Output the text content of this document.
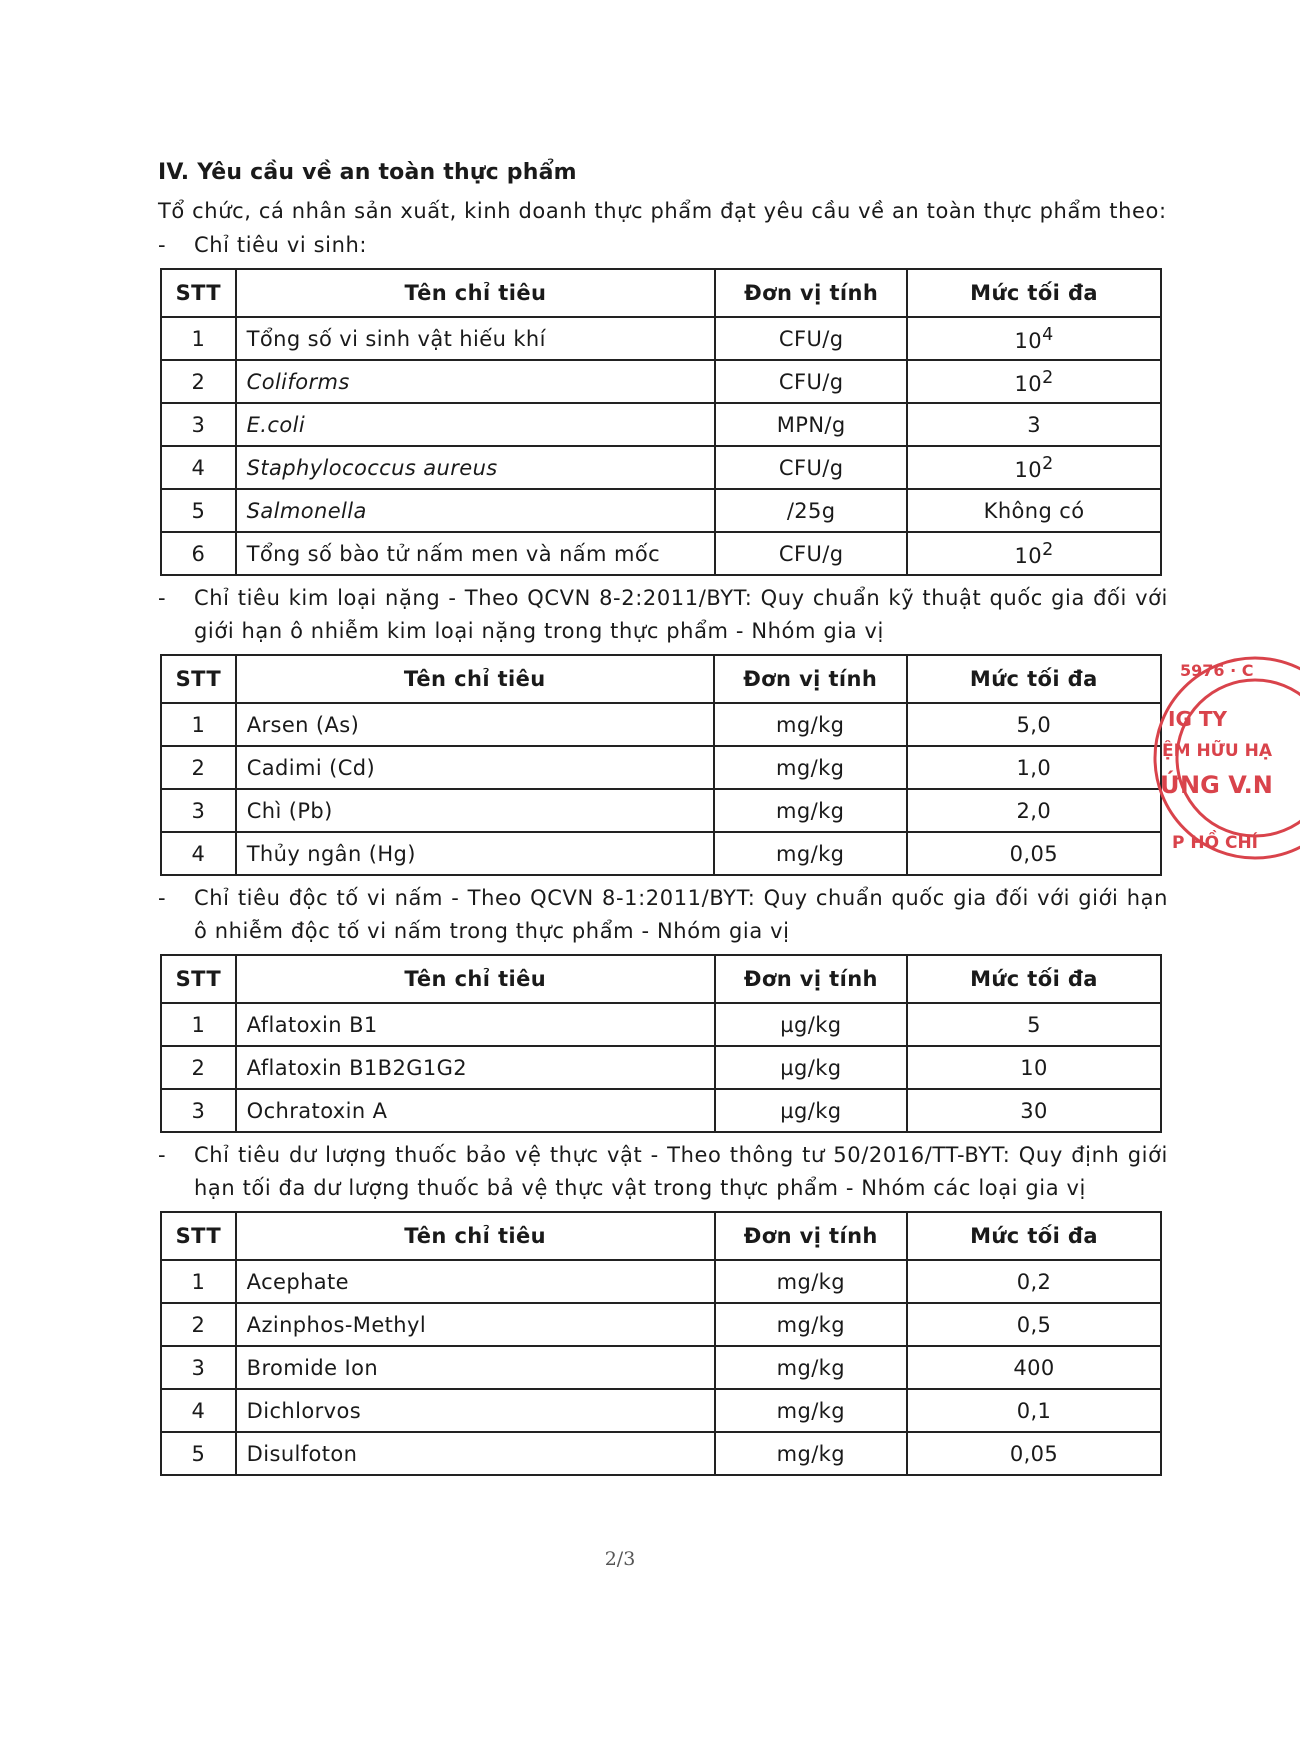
IV. Yêu cầu về an toàn thực phẩm

Tổ chức, cá nhân sản xuất, kinh doanh thực phẩm đạt yêu cầu về an toàn thực phẩm theo:

-	Chỉ tiêu vi sinh:
STT	Tên chỉ tiêu	Đơn vị tính	Mức tối đa
1	Tổng số vi sinh vật hiếu khí	CFU/g	$10^4$
2	Coliforms	CFU/g	$10^2$
3	E.coli	MPN/g	3
4	Staphylococcus aureus	CFU/g	$10^2$
5	Salmonella	/25g	Không có
6	Tổng số bào tử nấm men và nấm mốc	CFU/g	$10^2$
-	Chỉ tiêu kim loại nặng - Theo QCVN 8-2:2011/BYT: Quy chuẩn kỹ thuật quốc gia đối với giới hạn ô nhiễm kim loại nặng trong thực phẩm - Nhóm gia vị
STT	Tên chỉ tiêu	Đơn vị tính	Mức tối đa
1	Arsen (As)	mg/kg	5,0
2	Cadimi (Cd)	mg/kg	1,0
3	Chì (Pb)	mg/kg	2,0
4	Thủy ngân (Hg)	mg/kg	0,05
-	Chỉ tiêu độc tố vi nấm - Theo QCVN 8-1:2011/BYT: Quy chuẩn quốc gia đối với giới hạn ô nhiễm độc tố vi nấm trong thực phẩm - Nhóm gia vị
STT	Tên chỉ tiêu	Đơn vị tính	Mức tối đa
1	Aflatoxin B1	µg/kg	5
2	Aflatoxin B1B2G1G2	µg/kg	10
3	Ochratoxin A	µg/kg	30
-	Chỉ tiêu dư lượng thuốc bảo vệ thực vật - Theo thông tư 50/2016/TT-BYT: Quy định giới hạn tối đa dư lượng thuốc bả vệ thực vật trong thực phẩm - Nhóm các loại gia vị
STT	Tên chỉ tiêu	Đơn vị tính	Mức tối đa
1	Acephate	mg/kg	0,2
2	Azinphos-Methyl	mg/kg	0,5
3	Bromide Ion	mg/kg	400
4	Dichlorvos	mg/kg	0,1
5	Disulfoton	mg/kg	0,05
5976 · C
IG TY
ỆM HỮU HẠ
ỨNG V.N
P HỒ CHÍ
2/3
